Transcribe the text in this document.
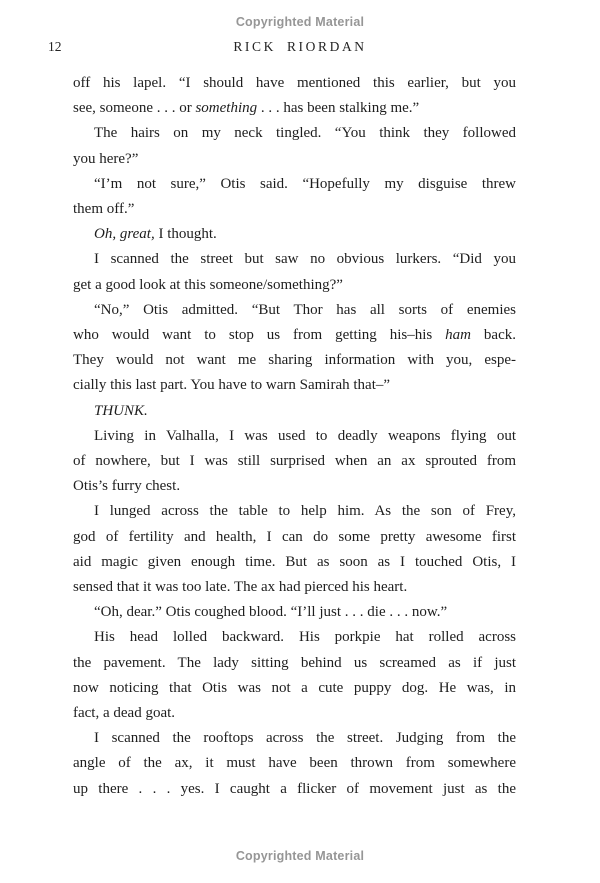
Copyrighted Material
12	RICK RIORDAN
off his lapel. “I should have mentioned this earlier, but you
see, someone . . . or something . . . has been stalking me.”
The hairs on my neck tingled. “You think they followed
you here?”
“I’m not sure,” Otis said. “Hopefully my disguise threw
them off.”
Oh, great, I thought.
I scanned the street but saw no obvious lurkers. “Did you
get a good look at this someone/something?”
“No,” Otis admitted. “But Thor has all sorts of enemies
who would want to stop us from getting his–his ham back.
They would not want me sharing information with you, espe-
cially this last part. You have to warn Samirah that–”
THUNK.
Living in Valhalla, I was used to deadly weapons flying out
of nowhere, but I was still surprised when an ax sprouted from
Otis’s furry chest.
I lunged across the table to help him. As the son of Frey,
god of fertility and health, I can do some pretty awesome first
aid magic given enough time. But as soon as I touched Otis, I
sensed that it was too late. The ax had pierced his heart.
“Oh, dear.” Otis coughed blood. “I’ll just . . . die . . . now.”
His head lolled backward. His porkpie hat rolled across
the pavement. The lady sitting behind us screamed as if just
now noticing that Otis was not a cute puppy dog. He was, in
fact, a dead goat.
I scanned the rooftops across the street. Judging from the
angle of the ax, it must have been thrown from somewhere
up there . . . yes. I caught a flicker of movement just as the
Copyrighted Material
